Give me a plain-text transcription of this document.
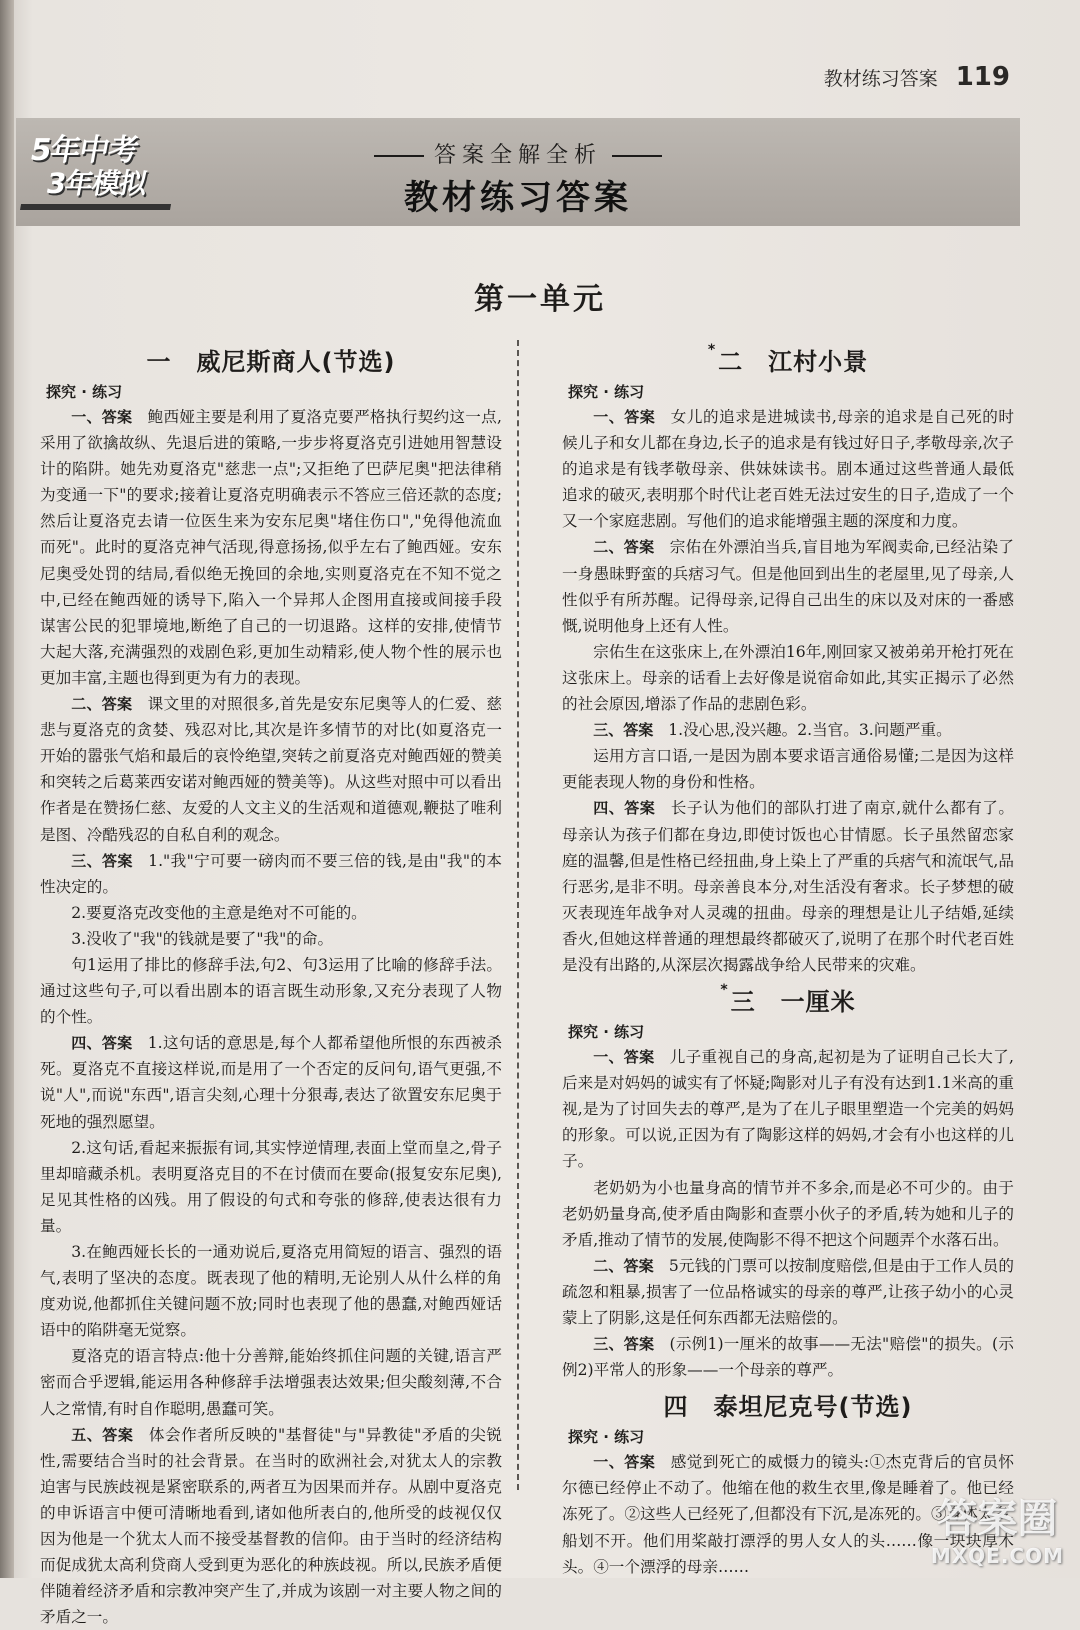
教材练习答案 119
5年中考
3年模拟
答案全解全析
教材练习答案
第一单元
一　威尼斯商人(节选)
探究 · 练习

一、答案　鲍西娅主要是利用了夏洛克要严格执行契约这一点,采用了欲擒故纵、先退后进的策略,一步步将夏洛克引进她用智慧设计的陷阱。她先劝夏洛克"慈悲一点";又拒绝了巴萨尼奥"把法律稍为变通一下"的要求;接着让夏洛克明确表示不答应三倍还款的态度;然后让夏洛克去请一位医生来为安东尼奥"堵住伤口","免得他流血而死"。此时的夏洛克神气活现,得意扬扬,似乎左右了鲍西娅。安东尼奥受处罚的结局,看似绝无挽回的余地,实则夏洛克在不知不觉之中,已经在鲍西娅的诱导下,陷入一个异邦人企图用直接或间接手段谋害公民的犯罪境地,断绝了自己的一切退路。这样的安排,使情节大起大落,充满强烈的戏剧色彩,更加生动精彩,使人物个性的展示也更加丰富,主题也得到更为有力的表现。

二、答案　课文里的对照很多,首先是安东尼奥等人的仁爱、慈悲与夏洛克的贪婪、残忍对比,其次是许多情节的对比(如夏洛克一开始的嚣张气焰和最后的哀怜绝望,突转之前夏洛克对鲍西娅的赞美和突转之后葛莱西安诺对鲍西娅的赞美等)。从这些对照中可以看出作者是在赞扬仁慈、友爱的人文主义的生活观和道德观,鞭挞了唯利是图、冷酷残忍的自私自利的观念。

三、答案　1."我"宁可要一磅肉而不要三倍的钱,是由"我"的本性决定的。

2.要夏洛克改变他的主意是绝对不可能的。

3.没收了"我"的钱就是要了"我"的命。

句1运用了排比的修辞手法,句2、句3运用了比喻的修辞手法。通过这些句子,可以看出剧本的语言既生动形象,又充分表现了人物的个性。

四、答案　1.这句话的意思是,每个人都希望他所恨的东西被杀死。夏洛克不直接这样说,而是用了一个否定的反问句,语气更强,不说"人",而说"东西",语言尖刻,心理十分狠毒,表达了欲置安东尼奥于死地的强烈愿望。

2.这句话,看起来振振有词,其实悖逆情理,表面上堂而皇之,骨子里却暗藏杀机。表明夏洛克目的不在讨债而在要命(报复安东尼奥),足见其性格的凶残。用了假设的句式和夸张的修辞,使表达很有力量。

3.在鲍西娅长长的一通劝说后,夏洛克用简短的语言、强烈的语气,表明了坚决的态度。既表现了他的精明,无论别人从什么样的角度劝说,他都抓住关键问题不放;同时也表现了他的愚蠢,对鲍西娅话语中的陷阱毫无觉察。

夏洛克的语言特点:他十分善辩,能始终抓住问题的关键,语言严密而合乎逻辑,能运用各种修辞手法增强表达效果;但尖酸刻薄,不合人之常情,有时自作聪明,愚蠢可笑。

五、答案　体会作者所反映的"基督徒"与"异教徒"矛盾的尖锐性,需要结合当时的社会背景。在当时的欧洲社会,对犹太人的宗教迫害与民族歧视是紧密联系的,两者互为因果而并存。从剧中夏洛克的申诉语言中便可清晰地看到,诸如他所表白的,他所受的歧视仅仅因为他是一个犹太人而不接受基督教的信仰。由于当时的经济结构而促成犹太高利贷商人受到更为恶化的种族歧视。所以,民族矛盾便伴随着经济矛盾和宗教冲突产生了,并成为该剧一对主要人物之间的矛盾之一。

*二　江村小景
探究 · 练习

一、答案　女儿的追求是进城读书,母亲的追求是自己死的时候儿子和女儿都在身边,长子的追求是有钱过好日子,孝敬母亲,次子的追求是有钱孝敬母亲、供妹妹读书。剧本通过这些普通人最低追求的破灭,表明那个时代让老百姓无法过安生的日子,造成了一个又一个家庭悲剧。写他们的追求能增强主题的深度和力度。

二、答案　宗佑在外漂泊当兵,盲目地为军阀卖命,已经沾染了一身愚昧野蛮的兵痞习气。但是他回到出生的老屋里,见了母亲,人性似乎有所苏醒。记得母亲,记得自己出生的床以及对床的一番感慨,说明他身上还有人性。

宗佑生在这张床上,在外漂泊16年,刚回家又被弟弟开枪打死在这张床上。母亲的话看上去好像是说宿命如此,其实正揭示了必然的社会原因,增添了作品的悲剧色彩。

三、答案　1.没心思,没兴趣。2.当官。3.问题严重。

运用方言口语,一是因为剧本要求语言通俗易懂;二是因为这样更能表现人物的身份和性格。

四、答案　长子认为他们的部队打进了南京,就什么都有了。母亲认为孩子们都在身边,即使讨饭也心甘情愿。长子虽然留恋家庭的温馨,但是性格已经扭曲,身上染上了严重的兵痞气和流氓气,品行恶劣,是非不明。母亲善良本分,对生活没有奢求。长子梦想的破灭表现连年战争对人灵魂的扭曲。母亲的理想是让儿子结婚,延续香火,但她这样普通的理想最终都破灭了,说明了在那个时代老百姓是没有出路的,从深层次揭露战争给人民带来的灾难。

*三　一厘米
探究 · 练习

一、答案　儿子重视自己的身高,起初是为了证明自己长大了,后来是对妈妈的诚实有了怀疑;陶影对儿子有没有达到1.1米高的重视,是为了讨回失去的尊严,是为了在儿子眼里塑造一个完美的妈妈的形象。可以说,正因为有了陶影这样的妈妈,才会有小也这样的儿子。

老奶奶为小也量身高的情节并不多余,而是必不可少的。由于老奶奶量身高,使矛盾由陶影和查票小伙子的矛盾,转为她和儿子的矛盾,推动了情节的发展,使陶影不得不把这个问题弄个水落石出。

二、答案　5元钱的门票可以按制度赔偿,但是由于工作人员的疏忽和粗暴,损害了一位品格诚实的母亲的尊严,让孩子幼小的心灵蒙上了阴影,这是任何东西都无法赔偿的。

三、答案　(示例1)一厘米的故事——无法"赔偿"的损失。(示例2)平常人的形象——一个母亲的尊严。

四　泰坦尼克号(节选)
探究 · 练习

一、答案　感觉到死亡的威慑力的镜头:①杰克背后的官员怀尔德已经停止不动了。他缩在他的救生衣里,像是睡着了。他已经冻死了。②这些人已经死了,但都没有下沉,是冻死的。③身体太多,船划不开。他们用桨敲打漂浮的男人女人的头……像一块块厚木头。④一个漂浮的母亲……

答案圈
MXQE.COM
